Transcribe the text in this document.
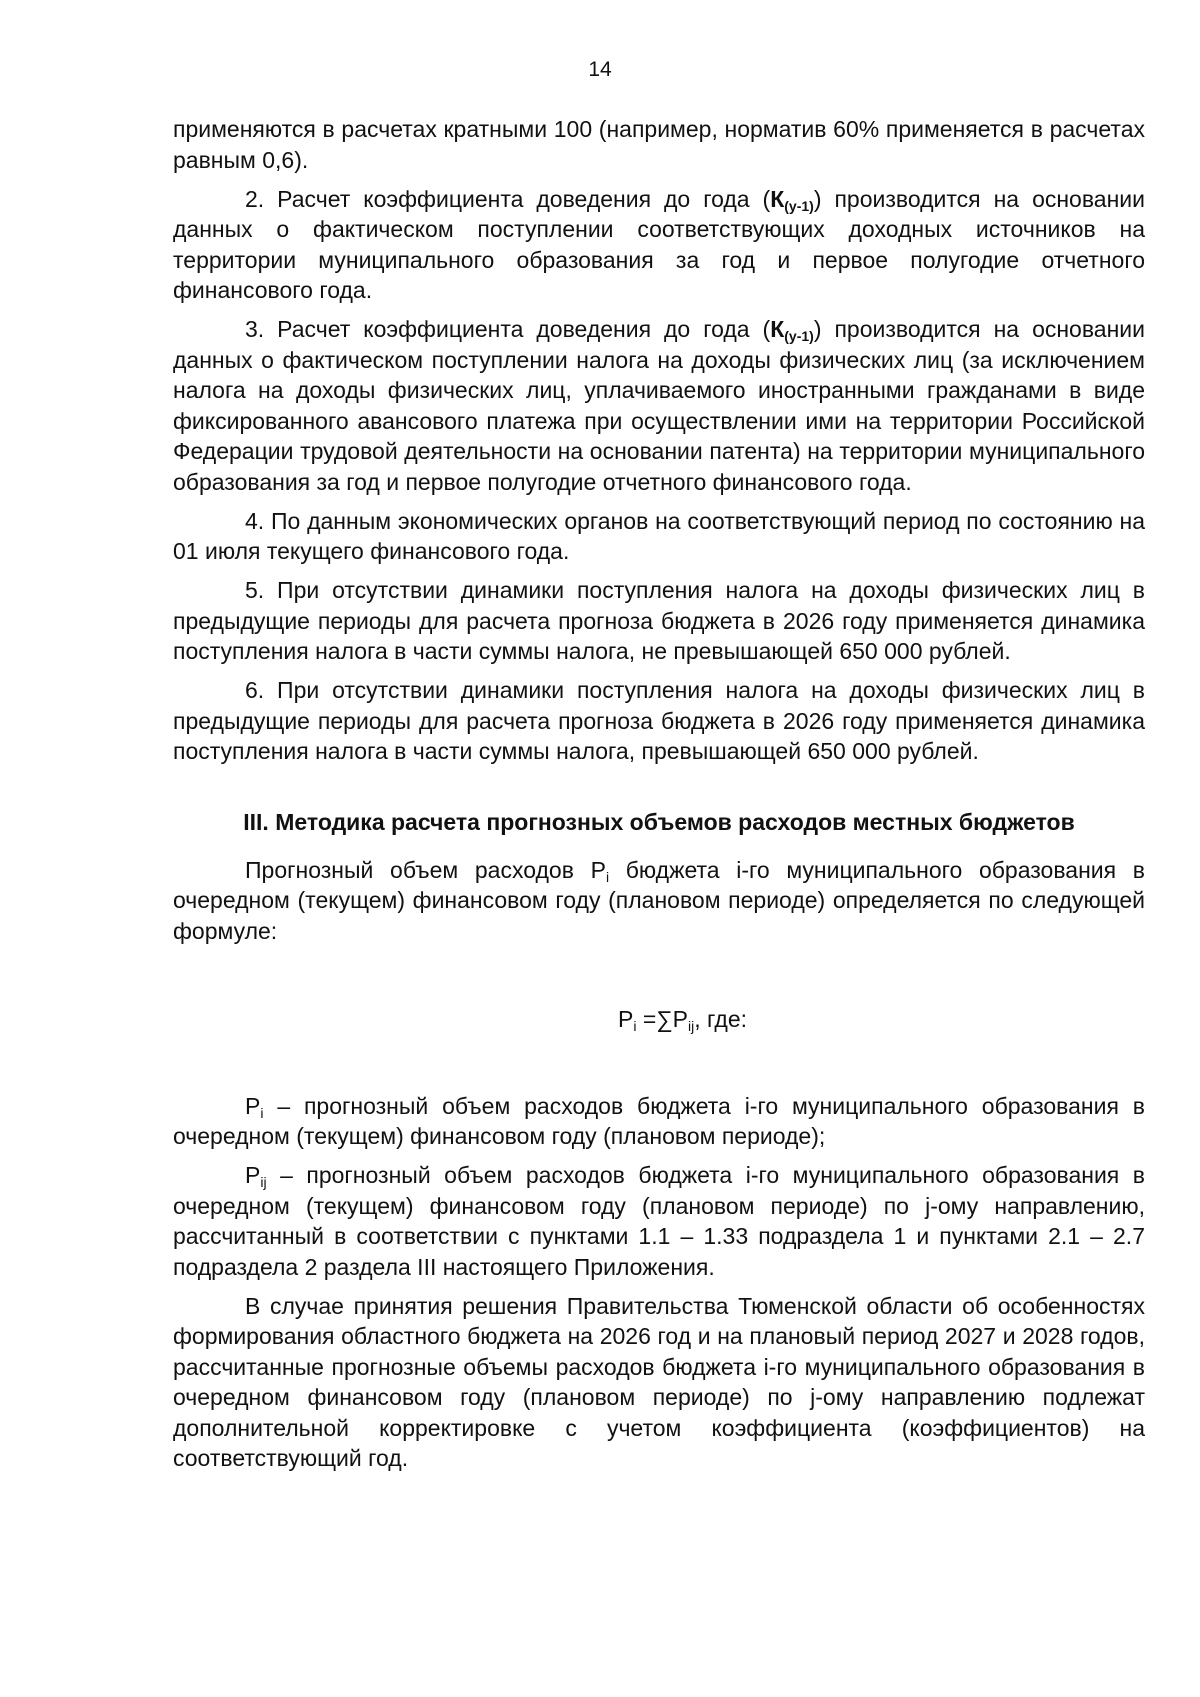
14

применяются в расчетах кратными 100 (например, норматив 60% применяется в расчетах равным 0,6).

2. Расчет коэффициента доведения до года (К(у-1)) производится на основании данных о фактическом поступлении соответствующих доходных источников на территории муниципального образования за год и первое полугодие отчетного финансового года.

3. Расчет коэффициента доведения до года (К(у-1)) производится на основании данных о фактическом поступлении налога на доходы физических лиц (за исключением налога на доходы физических лиц, уплачиваемого иностранными гражданами в виде фиксированного авансового платежа при осуществлении ими на территории Российской Федерации трудовой деятельности на основании патента) на территории муниципального образования за год и первое полугодие отчетного финансового года.

4. По данным экономических органов на соответствующий период по состоянию на 01 июля текущего финансового года.

5. При отсутствии динамики поступления налога на доходы физических лиц в предыдущие периоды для расчета прогноза бюджета в 2026 году применяется динамика поступления налога в части суммы налога, не превышающей 650 000 рублей.

6. При отсутствии динамики поступления налога на доходы физических лиц в предыдущие периоды для расчета прогноза бюджета в 2026 году применяется динамика поступления налога в части суммы налога, превышающей 650 000 рублей.

III. Методика расчета прогнозных объемов расходов местных бюджетов

Прогнозный объем расходов $Р_i$ бюджета i-го муниципального образования в очередном (текущем) финансовом году (плановом периоде) определяется по следующей формуле:

$Р_i =\sum Р_{ij}$, где:

$Р_i$ – прогнозный объем расходов бюджета i-го муниципального образования в очередном (текущем) финансовом году (плановом периоде);

$Р_{ij}$ – прогнозный объем расходов бюджета i-го муниципального образования в очередном (текущем) финансовом году (плановом периоде) по j-ому направлению, рассчитанный в соответствии с пунктами 1.1 – 1.33 подраздела 1 и пунктами 2.1 – 2.7 подраздела 2 раздела III настоящего Приложения.

В случае принятия решения Правительства Тюменской области об особенностях формирования областного бюджета на 2026 год и на плановый период 2027 и 2028 годов, рассчитанные прогнозные объемы расходов бюджета i-го муниципального образования в очередном финансовом году (плановом периоде) по j-ому направлению подлежат дополнительной корректировке с учетом коэффициента (коэффициентов) на соответствующий год.
